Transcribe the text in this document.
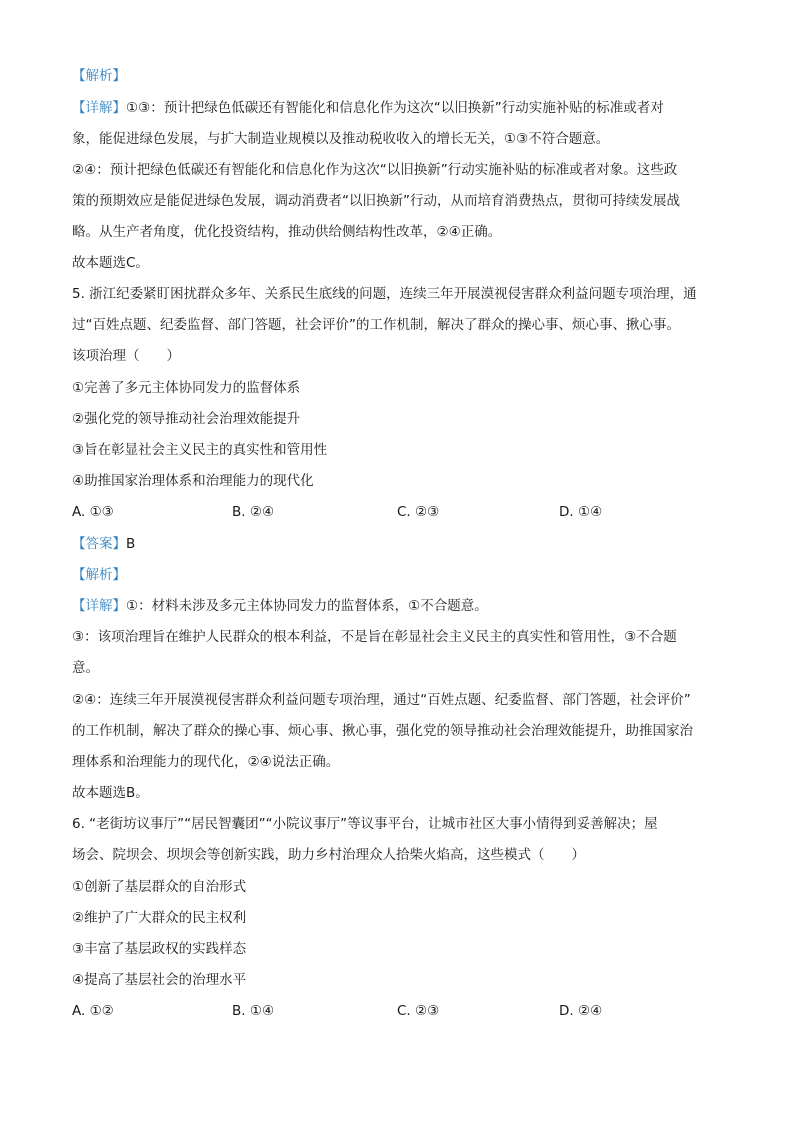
【解析】
【详解】①③：预计把绿色低碳还有智能化和信息化作为这次“以旧换新”行动实施补贴的标准或者对
象，能促进绿色发展，与扩大制造业规模以及推动税收收入的增长无关，①③不符合题意。
②④：预计把绿色低碳还有智能化和信息化作为这次“以旧换新”行动实施补贴的标准或者对象。这些政
策的预期效应是能促进绿色发展，调动消费者“以旧换新”行动，从而培育消费热点，贯彻可持续发展战
略。从生产者角度，优化投资结构，推动供给侧结构性改革，②④正确。
故本题选C。
5. 浙江纪委紧盯困扰群众多年、关系民生底线的问题，连续三年开展漠视侵害群众利益问题专项治理，通
过“百姓点题、纪委监督、部门答题，社会评价”的工作机制，解决了群众的操心事、烦心事、揪心事。
该项治理（　　）
①完善了多元主体协同发力的监督体系
②强化党的领导推动社会治理效能提升
③旨在彰显社会主义民主的真实性和管用性
④助推国家治理体系和治理能力的现代化
A. ①③	B. ②④	C. ②③	D. ①④
【答案】B
【解析】
【详解】①：材料未涉及多元主体协同发力的监督体系，①不合题意。
③：该项治理旨在维护人民群众的根本利益，不是旨在彰显社会主义民主的真实性和管用性，③不合题
意。
②④：连续三年开展漠视侵害群众利益问题专项治理，通过“百姓点题、纪委监督、部门答题，社会评价”
的工作机制，解决了群众的操心事、烦心事、揪心事，强化党的领导推动社会治理效能提升，助推国家治
理体系和治理能力的现代化，②④说法正确。
故本题选B。
6. “老街坊议事厅”“居民智囊团”“小院议事厅”等议事平台，让城市社区大事小情得到妥善解决；屋
场会、院坝会、坝坝会等创新实践，助力乡村治理众人拾柴火焰高，这些模式（　　）
①创新了基层群众的自治形式
②维护了广大群众的民主权利
③丰富了基层政权的实践样态
④提高了基层社会的治理水平
A. ①②	B. ①④	C. ②③	D. ②④
